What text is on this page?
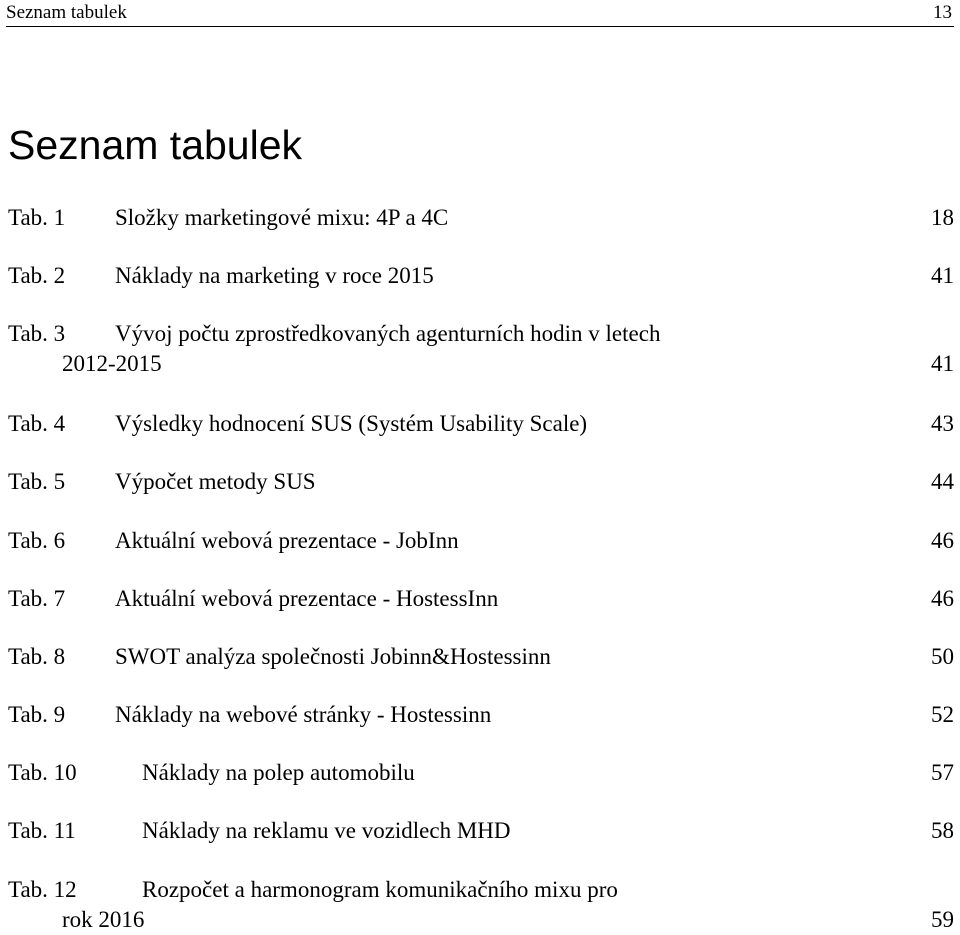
Seznam tabulek	13
Seznam tabulek
Tab. 1 Složky marketingové mixu: 4P a 4C	18
Tab. 2 Náklady na marketing v roce 2015	41
Tab. 3 Vývoj počtu zprostředkovaných agenturních hodin v letech
2012-2015	41
Tab. 4 Výsledky hodnocení SUS (Systém Usability Scale)	43
Tab. 5 Výpočet metody SUS	44
Tab. 6 Aktuální webová prezentace - JobInn	46
Tab. 7 Aktuální webová prezentace - HostessInn	46
Tab. 8 SWOT analýza společnosti Jobinn&Hostessinn	50
Tab. 9 Náklady na webové stránky - Hostessinn	52
Tab. 10	Náklady na polep automobilu	57
Tab. 11	Náklady na reklamu ve vozidlech MHD	58
Tab. 12	Rozpočet a harmonogram komunikačního mixu pro
rok 2016	59
